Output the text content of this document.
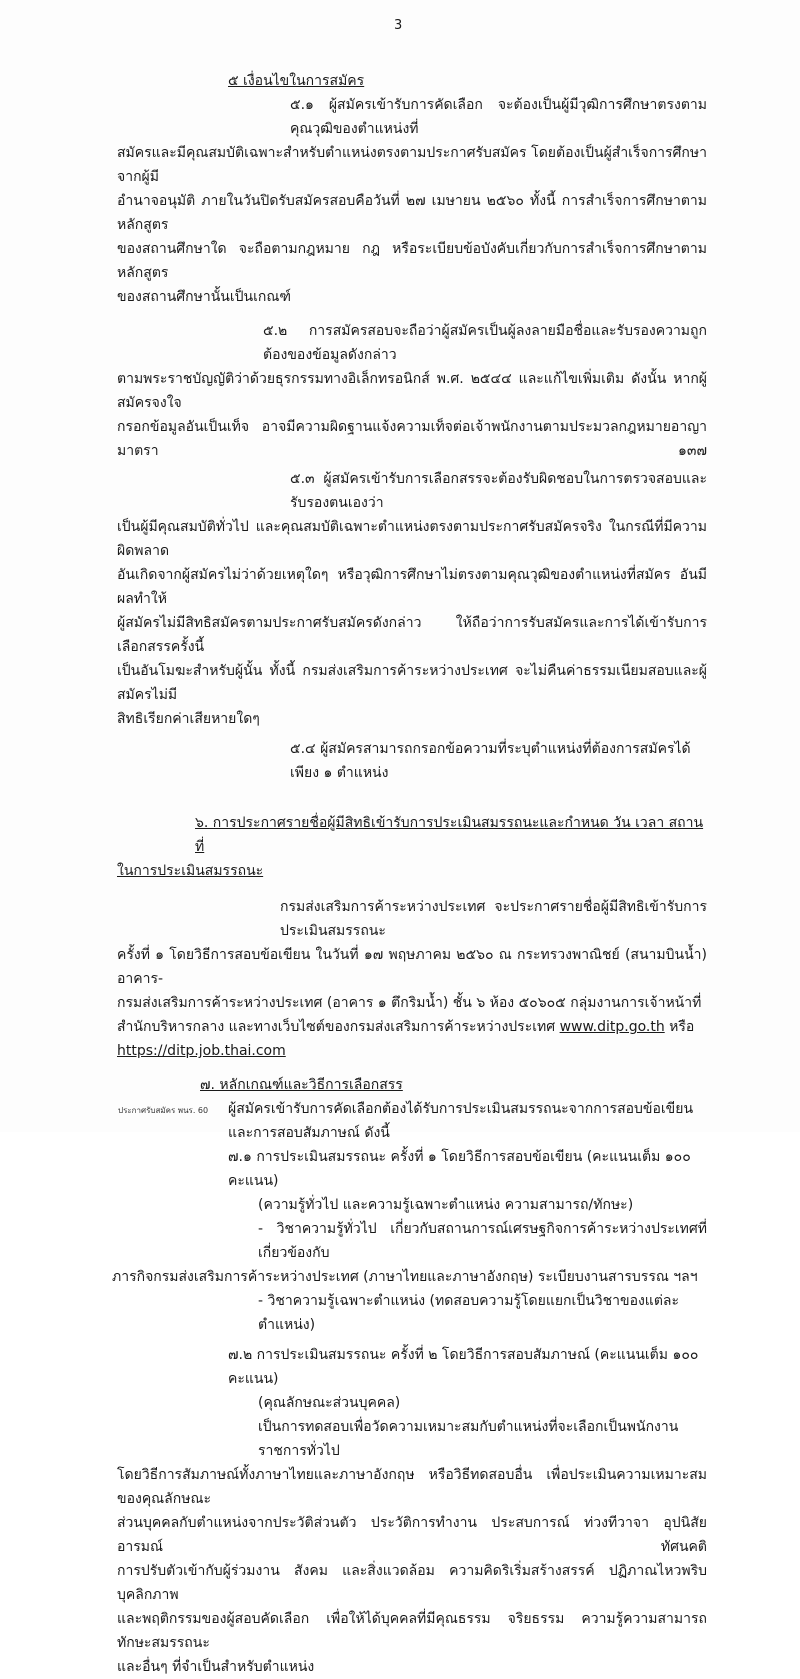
3
๕ เงื่อนไขในการสมัคร
๕.๑ ผู้สมัครเข้ารับการคัดเลือก จะต้องเป็นผู้มีวุฒิการศึกษาตรงตามคุณวุฒิของตำแหน่งที่
สมัครและมีคุณสมบัติเฉพาะสำหรับตำแหน่งตรงตามประกาศรับสมัคร โดยต้องเป็นผู้สำเร็จการศึกษาจากผู้มี
อำนาจอนุมัติ ภายในวันปิดรับสมัครสอบคือวันที่ ๒๗ เมษายน ๒๕๖๐ ทั้งนี้ การสำเร็จการศึกษาตามหลักสูตร
ของสถานศึกษาใด จะถือตามกฎหมาย กฎ หรือระเบียบข้อบังคับเกี่ยวกับการสำเร็จการศึกษาตามหลักสูตร
ของสถานศึกษานั้นเป็นเกณฑ์
๕.๒ การสมัครสอบจะถือว่าผู้สมัครเป็นผู้ลงลายมือชื่อและรับรองความถูกต้องของข้อมูลดังกล่าว
ตามพระราชบัญญัติว่าด้วยธุรกรรมทางอิเล็กทรอนิกส์ พ.ศ. ๒๕๔๔ และแก้ไขเพิ่มเติม ดังนั้น หากผู้สมัครจงใจ
กรอกข้อมูลอันเป็นเท็จ อาจมีความผิดฐานแจ้งความเท็จต่อเจ้าพนักงานตามประมวลกฎหมายอาญา มาตรา ๑๓๗
๕.๓ ผู้สมัครเข้ารับการเลือกสรรจะต้องรับผิดชอบในการตรวจสอบและรับรองตนเองว่า
เป็นผู้มีคุณสมบัติทั่วไป และคุณสมบัติเฉพาะตำแหน่งตรงตามประกาศรับสมัครจริง ในกรณีที่มีความผิดพลาด
อันเกิดจากผู้สมัครไม่ว่าด้วยเหตุใดๆ หรือวุฒิการศึกษาไม่ตรงตามคุณวุฒิของตำแหน่งที่สมัคร อันมีผลทำให้
ผู้สมัครไม่มีสิทธิสมัครตามประกาศรับสมัครดังกล่าว ให้ถือว่าการรับสมัครและการได้เข้ารับการเลือกสรรครั้งนี้
เป็นอันโมฆะสำหรับผู้นั้น ทั้งนี้ กรมส่งเสริมการค้าระหว่างประเทศ จะไม่คืนค่าธรรมเนียมสอบและผู้สมัครไม่มี
สิทธิเรียกค่าเสียหายใดๆ
๕.๔ ผู้สมัครสามารถกรอกข้อความที่ระบุตำแหน่งที่ต้องการสมัครได้เพียง ๑ ตำแหน่ง
๖. การประกาศรายชื่อผู้มีสิทธิเข้ารับการประเมินสมรรถนะและกำหนด วัน เวลา สถานที่
ในการประเมินสมรรถนะ
กรมส่งเสริมการค้าระหว่างประเทศ จะประกาศรายชื่อผู้มีสิทธิเข้ารับการประเมินสมรรถนะ
ครั้งที่ ๑ โดยวิธีการสอบข้อเขียน ในวันที่ ๑๗ พฤษภาคม ๒๕๖๐ ณ กระทรวงพาณิชย์ (สนามบินน้ำ) อาคาร-
กรมส่งเสริมการค้าระหว่างประเทศ (อาคาร ๑ ตึกริมน้ำ) ชั้น ๖ ห้อง ๕๐๖๐๕ กลุ่มงานการเจ้าหน้าที่
สำนักบริหารกลาง และทางเว็บไซต์ของกรมส่งเสริมการค้าระหว่างประเทศ www.ditp.go.th หรือ
https://ditp.job.thai.com
๗. หลักเกณฑ์และวิธีการเลือกสรร
ผู้สมัครเข้ารับการคัดเลือกต้องได้รับการประเมินสมรรถนะจากการสอบข้อเขียนและการสอบสัมภาษณ์ ดังนี้
๗.๑ การประเมินสมรรถนะ ครั้งที่ ๑ โดยวิธีการสอบข้อเขียน (คะแนนเต็ม ๑๐๐ คะแนน)
(ความรู้ทั่วไป และความรู้เฉพาะตำแหน่ง ความสามารถ/ทักษะ)
- วิชาความรู้ทั่วไป เกี่ยวกับสถานการณ์เศรษฐกิจการค้าระหว่างประเทศที่เกี่ยวข้องกับ
ภารกิจกรมส่งเสริมการค้าระหว่างประเทศ (ภาษาไทยและภาษาอังกฤษ) ระเบียบงานสารบรรณ ฯลฯ
- วิชาความรู้เฉพาะตำแหน่ง (ทดสอบความรู้โดยแยกเป็นวิชาของแต่ละตำแหน่ง)
๗.๒ การประเมินสมรรถนะ ครั้งที่ ๒ โดยวิธีการสอบสัมภาษณ์ (คะแนนเต็ม ๑๐๐ คะแนน)
(คุณลักษณะส่วนบุคคล)
เป็นการทดสอบเพื่อวัดความเหมาะสมกับตำแหน่งที่จะเลือกเป็นพนักงานราชการทั่วไป
โดยวิธีการสัมภาษณ์ทั้งภาษาไทยและภาษาอังกฤษ หรือวิธีทดสอบอื่น เพื่อประเมินความเหมาะสมของคุณลักษณะ
ส่วนบุคคลกับตำแหน่งจากประวัติส่วนตัว ประวัติการทำงาน ประสบการณ์ ท่วงทีวาจา อุปนิสัย อารมณ์ ทัศนคติ
การปรับตัวเข้ากับผู้ร่วมงาน สังคม และสิ่งแวดล้อม ความคิดริเริ่มสร้างสรรค์ ปฏิภาณไหวพริบ บุคลิกภาพ
และพฤติกรรมของผู้สอบคัดเลือก เพื่อให้ได้บุคคลที่มีคุณธรรม จริยธรรม ความรู้ความสามารถ ทักษะสมรรถนะ
และอื่นๆ ที่จำเป็นสำหรับตำแหน่ง
ประกาศรับสมัคร พนร. 60
